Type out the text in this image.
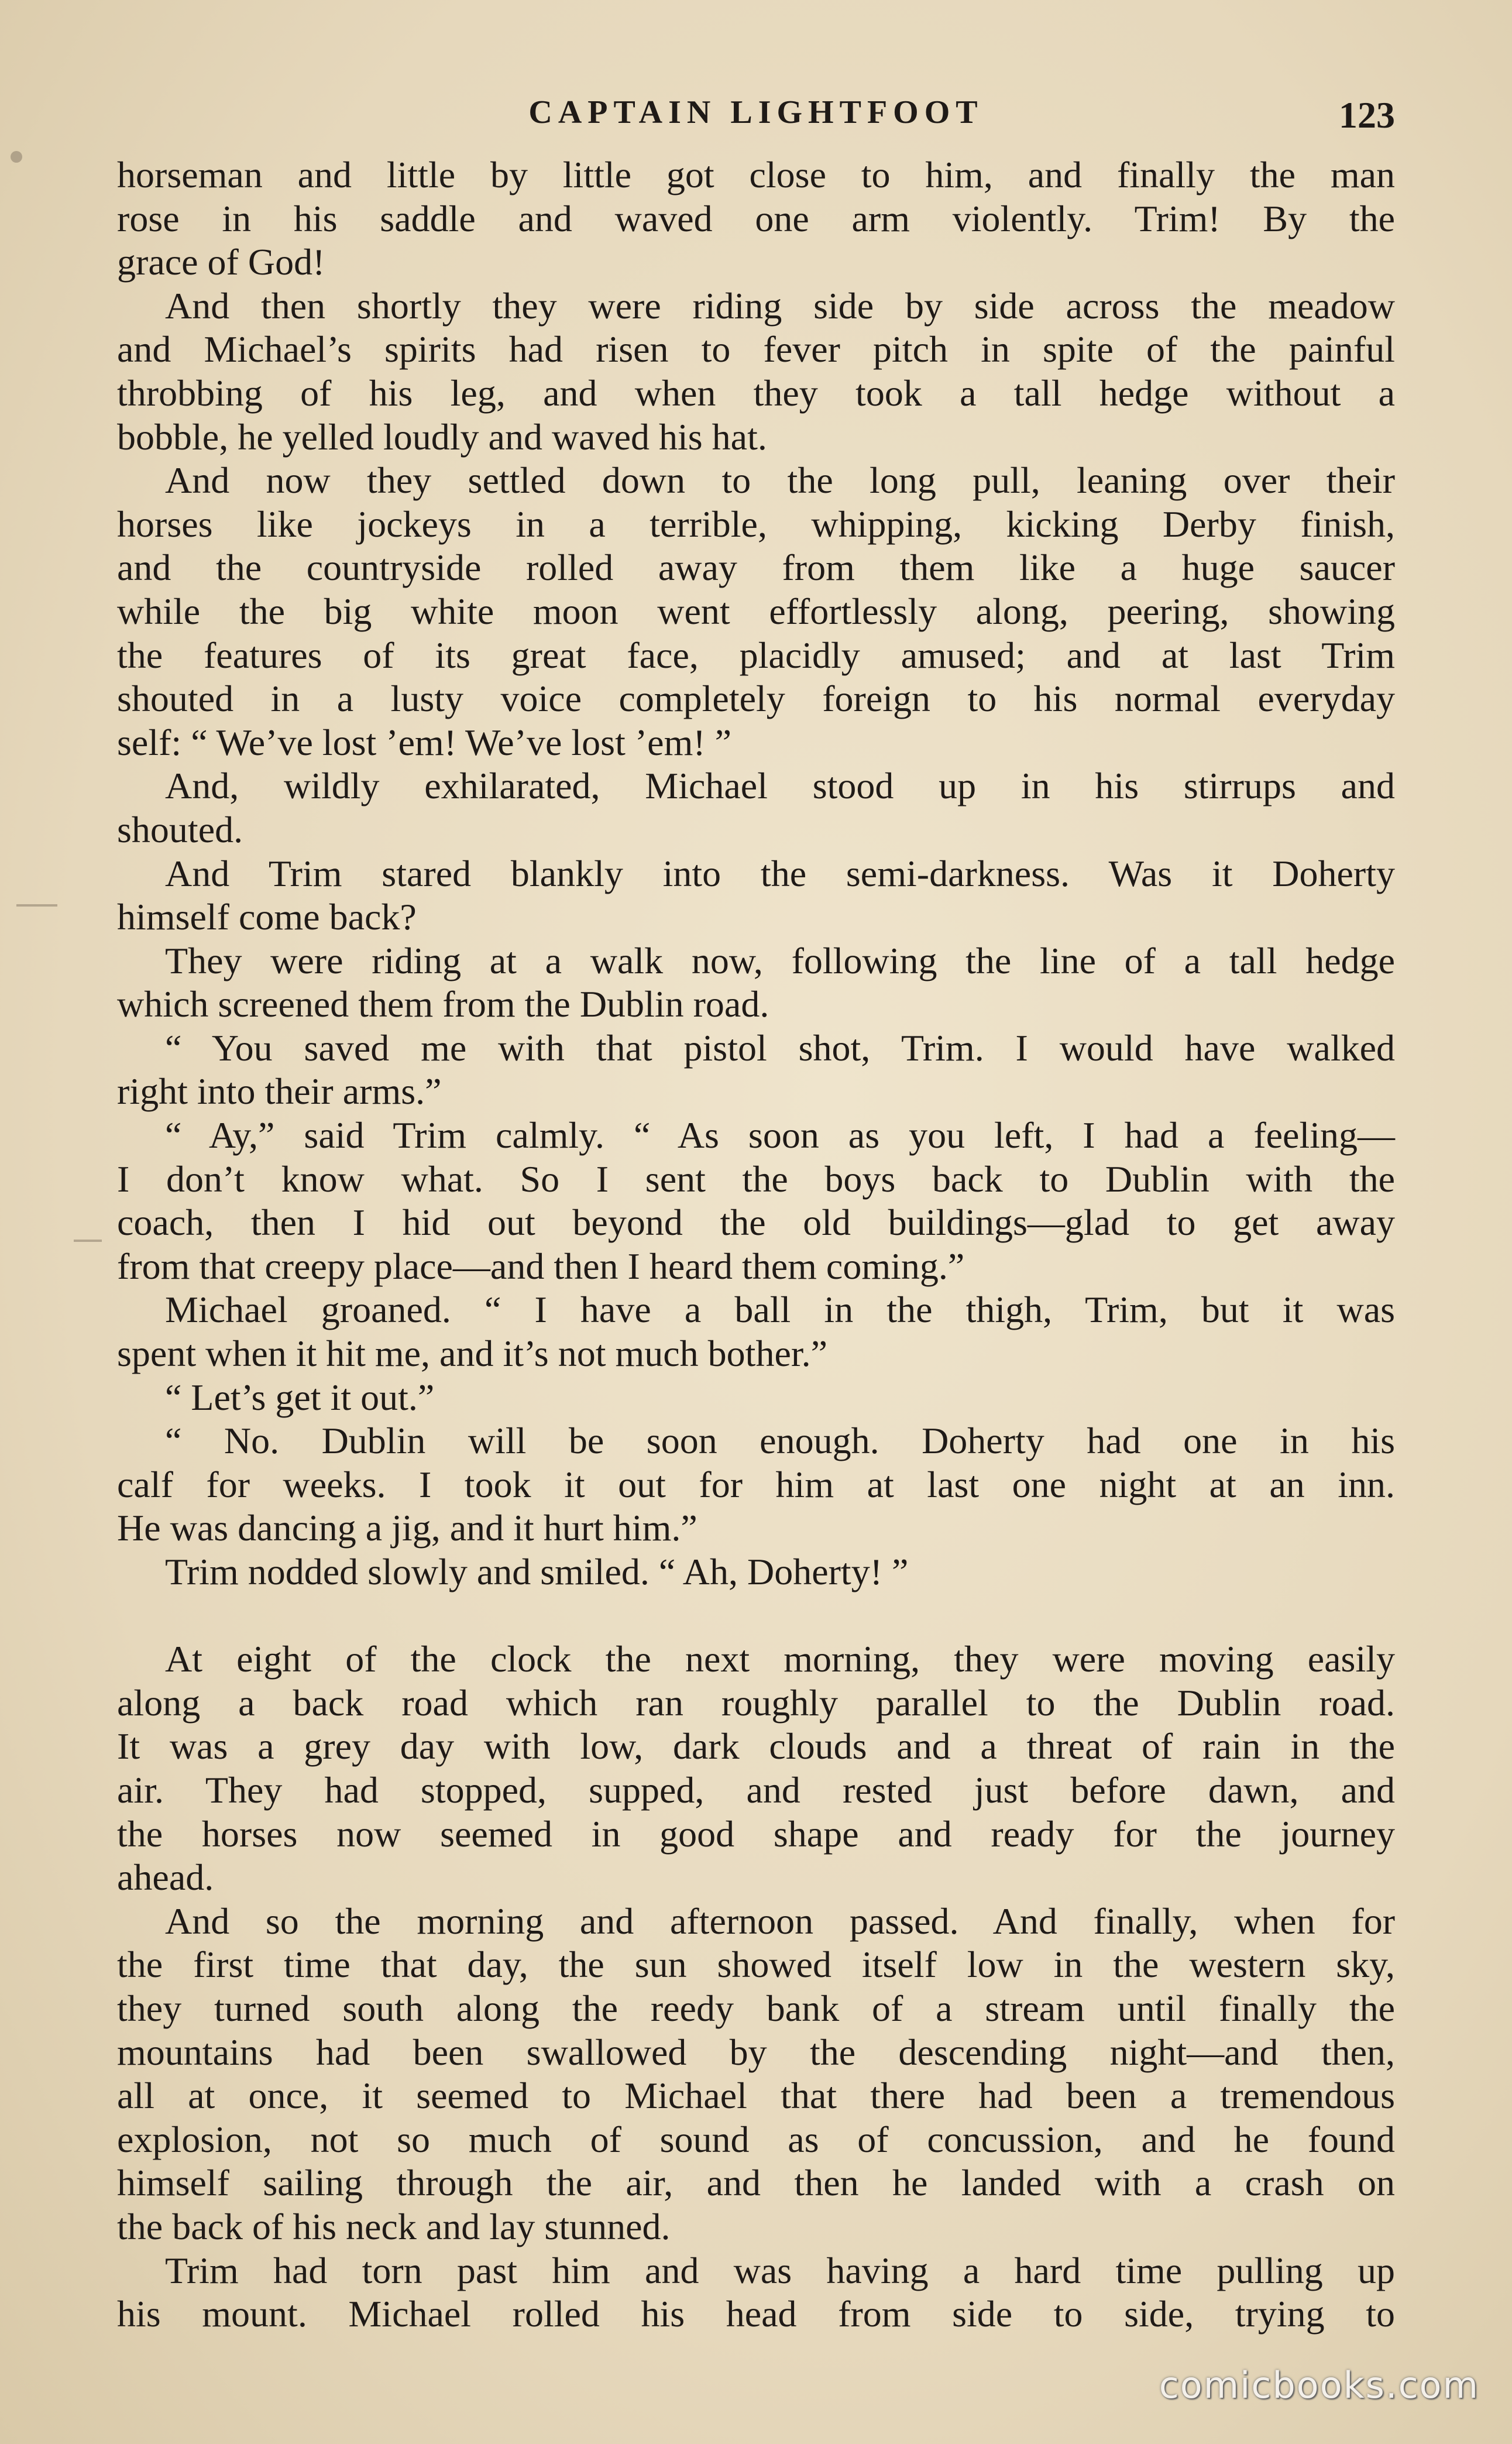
CAPTAIN LIGHTFOOT	123
horseman and little by little got close to him, and finally the man
rose in his saddle and waved one arm violently. Trim! By the
grace of God!
And then shortly they were riding side by side across the meadow
and Michael’s spirits had risen to fever pitch in spite of the painful
throbbing of his leg, and when they took a tall hedge without a
bobble, he yelled loudly and waved his hat.
And now they settled down to the long pull, leaning over their
horses like jockeys in a terrible, whipping, kicking Derby finish,
and the countryside rolled away from them like a huge saucer
while the big white moon went effortlessly along, peering, showing
the features of its great face, placidly amused; and at last Trim
shouted in a lusty voice completely foreign to his normal everyday
self: “ We’ve lost ’em! We’ve lost ’em! ”
And, wildly exhilarated, Michael stood up in his stirrups and
shouted.
And Trim stared blankly into the semi-darkness. Was it Doherty
himself come back?
They were riding at a walk now, following the line of a tall hedge
which screened them from the Dublin road.
“ You saved me with that pistol shot, Trim. I would have walked
right into their arms.”
“ Ay,” said Trim calmly. “ As soon as you left, I had a feeling—
I don’t know what. So I sent the boys back to Dublin with the
coach, then I hid out beyond the old buildings—glad to get away
from that creepy place—and then I heard them coming.”
Michael groaned. “ I have a ball in the thigh, Trim, but it was
spent when it hit me, and it’s not much bother.”
“ Let’s get it out.”
“ No. Dublin will be soon enough. Doherty had one in his
calf for weeks. I took it out for him at last one night at an inn.
He was dancing a jig, and it hurt him.”
Trim nodded slowly and smiled. “ Ah, Doherty! ”
At eight of the clock the next morning, they were moving easily
along a back road which ran roughly parallel to the Dublin road.
It was a grey day with low, dark clouds and a threat of rain in the
air. They had stopped, supped, and rested just before dawn, and
the horses now seemed in good shape and ready for the journey
ahead.
And so the morning and afternoon passed. And finally, when for
the first time that day, the sun showed itself low in the western sky,
they turned south along the reedy bank of a stream until finally the
mountains had been swallowed by the descending night—and then,
all at once, it seemed to Michael that there had been a tremendous
explosion, not so much of sound as of concussion, and he found
himself sailing through the air, and then he landed with a crash on
the back of his neck and lay stunned.
Trim had torn past him and was having a hard time pulling up
his mount. Michael rolled his head from side to side, trying to
comicbooks.com
